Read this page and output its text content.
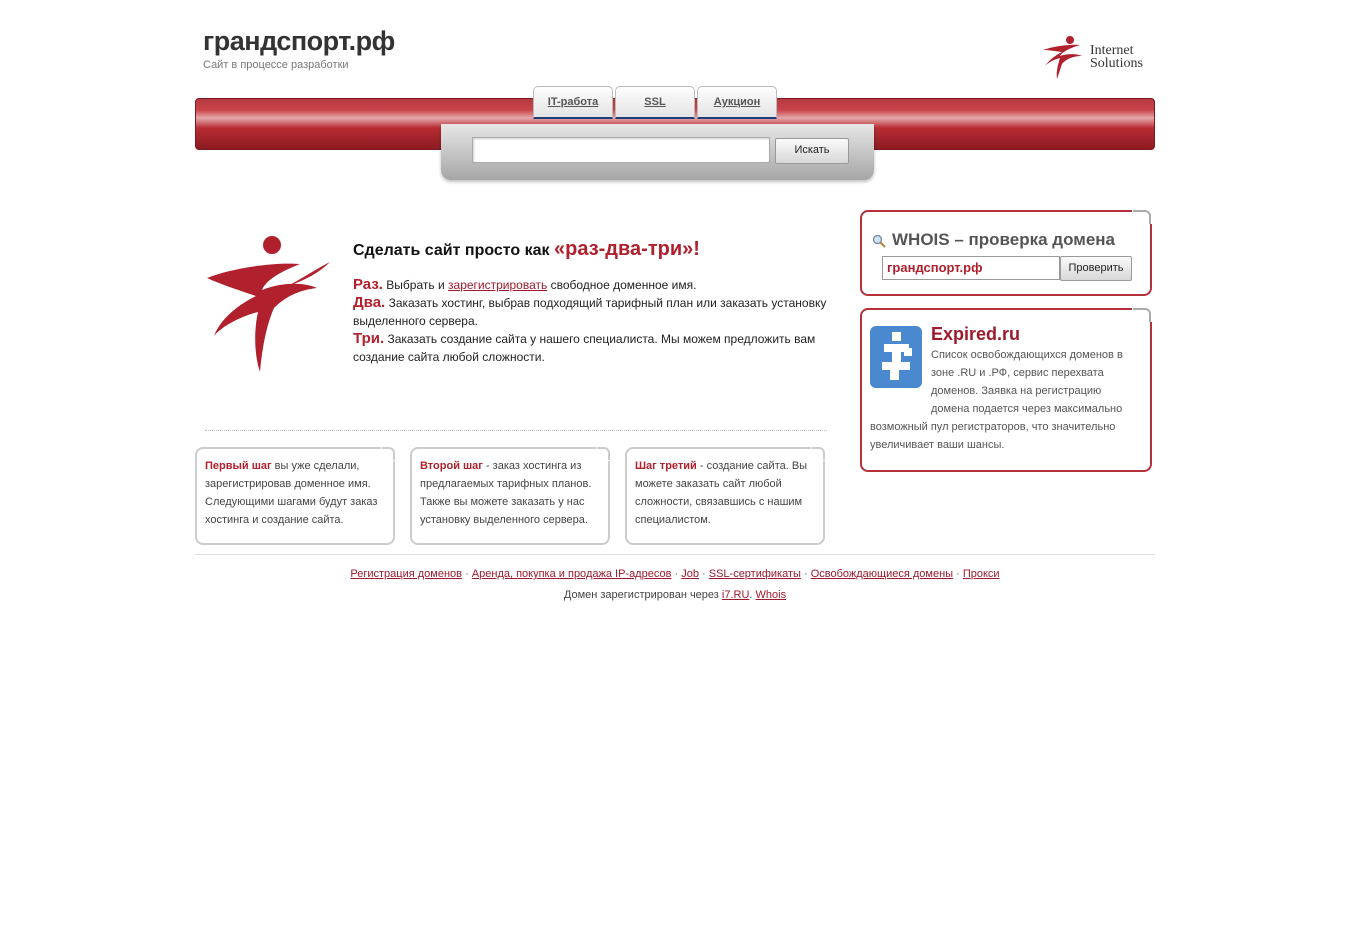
грандспорт.рф
Сайт в процессе разработки
Internet
Solutions
IT-работа	SSL	Аукцион
Искать
Сделать сайт просто как «раз-два-три»!
Раз. Выбрать и зарегистрировать свободное доменное имя.
Два. Заказать хостинг, выбрав подходящий тарифный план или заказать установку выделенного сервера.
Три. Заказать создание сайта у нашего специалиста. Мы можем предложить вам создание сайта любой сложности.
Первый шаг вы уже сделали, зарегистрировав доменное имя. Следующими шагами будут заказ хостинга и создание сайта.
Второй шаг - заказ хостинга из предлагаемых тарифных планов. Также вы можете заказать у нас установку выделенного сервера.
Шаг третий - создание сайта. Вы можете заказать сайт любой сложности, связавшись с нашим специалистом.
WHOIS – проверка домена
грандспорт.рф	Проверить
Expired.ru
Список освобождающихся доменов в зоне .RU и .РФ, сервис перехвата доменов. Заявка на регистрацию домена подается через максимально возможный пул регистраторов, что значительно увеличивает ваши шансы.
Регистрация доменов · Аренда, покупка и продажа IP-адресов · Job · SSL-сертификаты · Освобождающиеся домены · Прокси
Домен зарегистрирован через i7.RU. Whois
